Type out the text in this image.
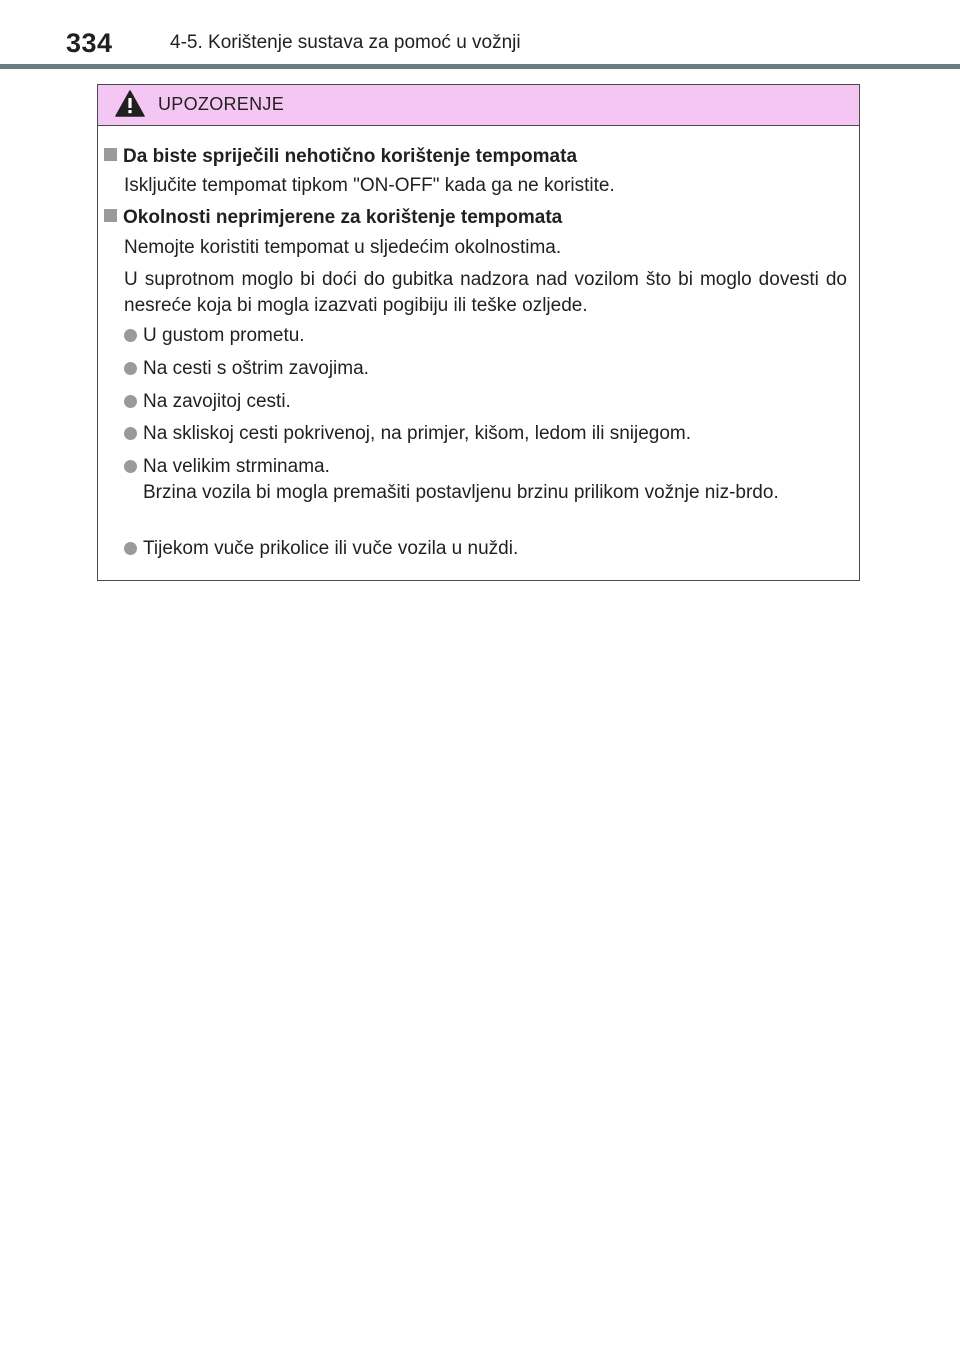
334	4-5. Korištenje sustava za pomoć u vožnji
UPOZORENJE
Da biste spriječili nehotično korištenje tempomata
Isključite tempomat tipkom "ON-OFF" kada ga ne koristite.
Okolnosti neprimjerene za korištenje tempomata
Nemojte koristiti tempomat u sljedećim okolnostima.
U suprotnom moglo bi doći do gubitka nadzora nad vozilom što bi moglo dovesti do nesreće koja bi mogla izazvati pogibiju ili teške ozljede.
U gustom prometu.
Na cesti s oštrim zavojima.
Na zavojitoj cesti.
Na skliskoj cesti pokrivenoj, na primjer, kišom, ledom ili snijegom.
Na velikim strminama.
Brzina vozila bi mogla premašiti postavljenu brzinu prilikom vožnje niz-brdo.
Tijekom vuče prikolice ili vuče vozila u nuždi.
